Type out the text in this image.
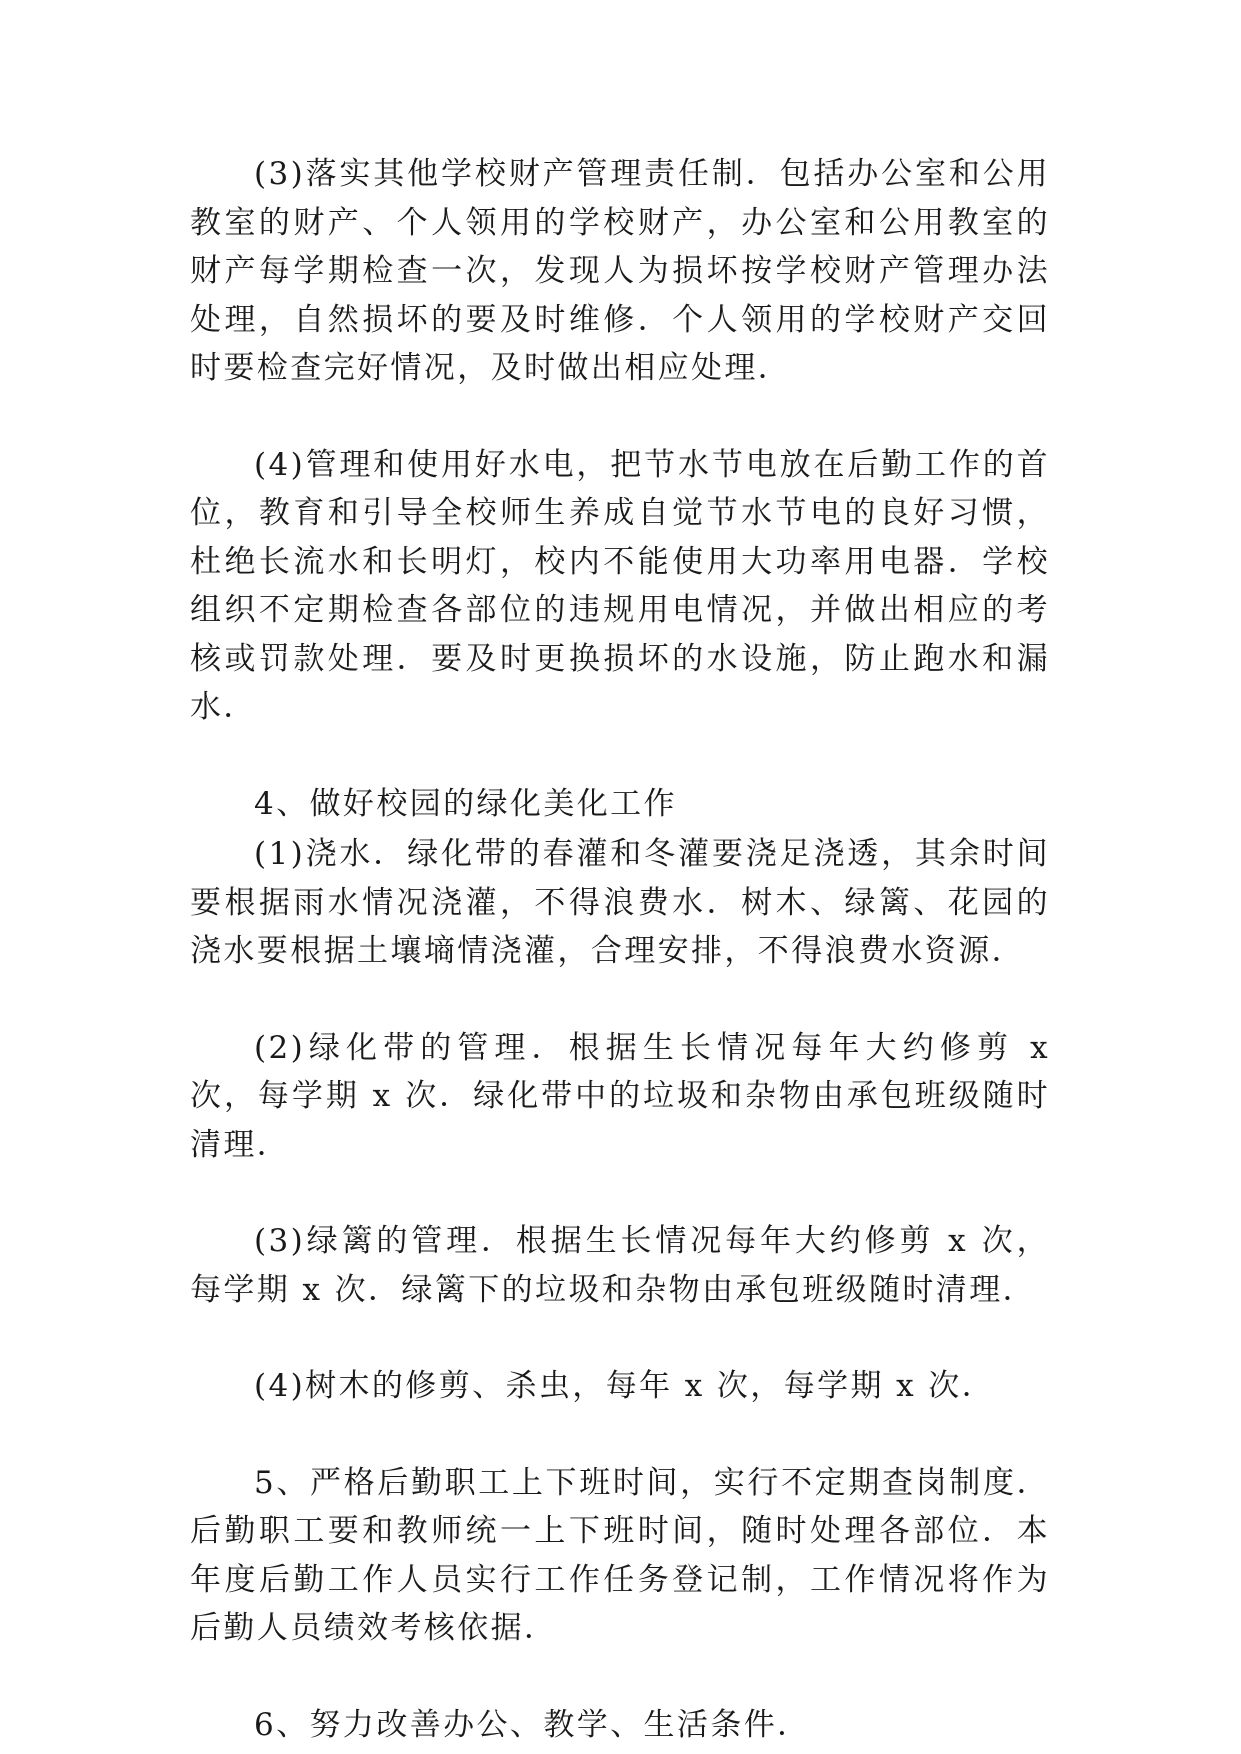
(3)落实其他学校财产管理责任制．包括办公室和公用教室的财产、个人领用的学校财产，办公室和公用教室的财产每学期检查一次，发现人为损坏按学校财产管理办法处理，自然损坏的要及时维修．个人领用的学校财产交回时要检查完好情况，及时做出相应处理．

(4)管理和使用好水电，把节水节电放在后勤工作的首位，教育和引导全校师生养成自觉节水节电的良好习惯，杜绝长流水和长明灯，校内不能使用大功率用电器．学校组织不定期检查各部位的违规用电情况，并做出相应的考核或罚款处理．要及时更换损坏的水设施，防止跑水和漏水．

4、做好校园的绿化美化工作

(1)浇水．绿化带的春灌和冬灌要浇足浇透，其余时间要根据雨水情况浇灌，不得浪费水．树木、绿篱、花园的浇水要根据土壤墒情浇灌，合理安排，不得浪费水资源．

(2)绿化带的管理．根据生长情况每年大约修剪 x 次，每学期 x 次．绿化带中的垃圾和杂物由承包班级随时清理．

(3)绿篱的管理．根据生长情况每年大约修剪 x 次，每学期 x 次．绿篱下的垃圾和杂物由承包班级随时清理．

(4)树木的修剪、杀虫，每年 x 次，每学期 x 次．

5、严格后勤职工上下班时间，实行不定期查岗制度．后勤职工要和教师统一上下班时间，随时处理各部位．本年度后勤工作人员实行工作任务登记制，工作情况将作为后勤人员绩效考核依据．

6、努力改善办公、教学、生活条件．
